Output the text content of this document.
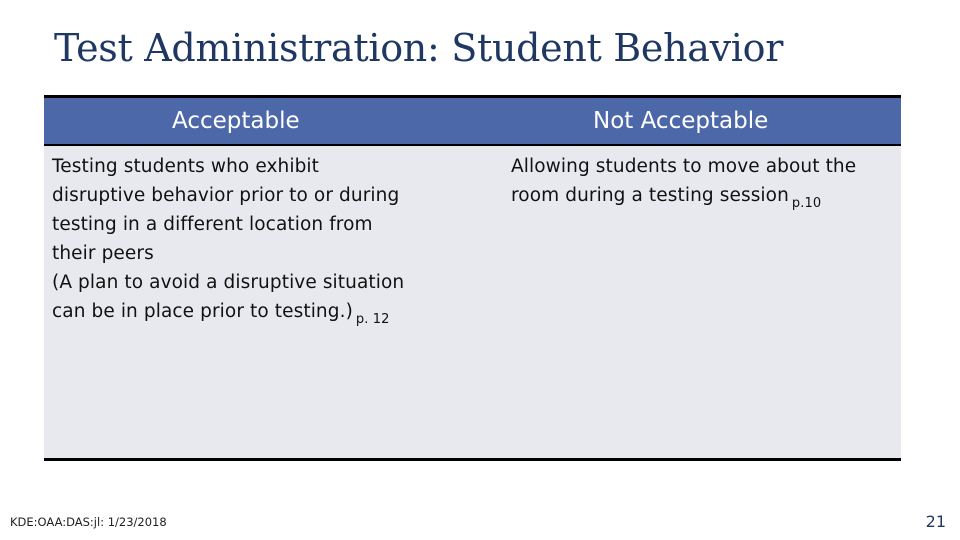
Test Administration: Student Behavior
Acceptable	Not Acceptable
Testing students who exhibit
disruptive behavior prior to or during
testing in a different location from
their peers
(A plan to avoid a disruptive situation
can be in place prior to testing.) $_{p. 12}$
Allowing students to move about the
room during a testing session $_{p.10}$
KDE:OAA:DAS:jl: 1/23/2018	21
